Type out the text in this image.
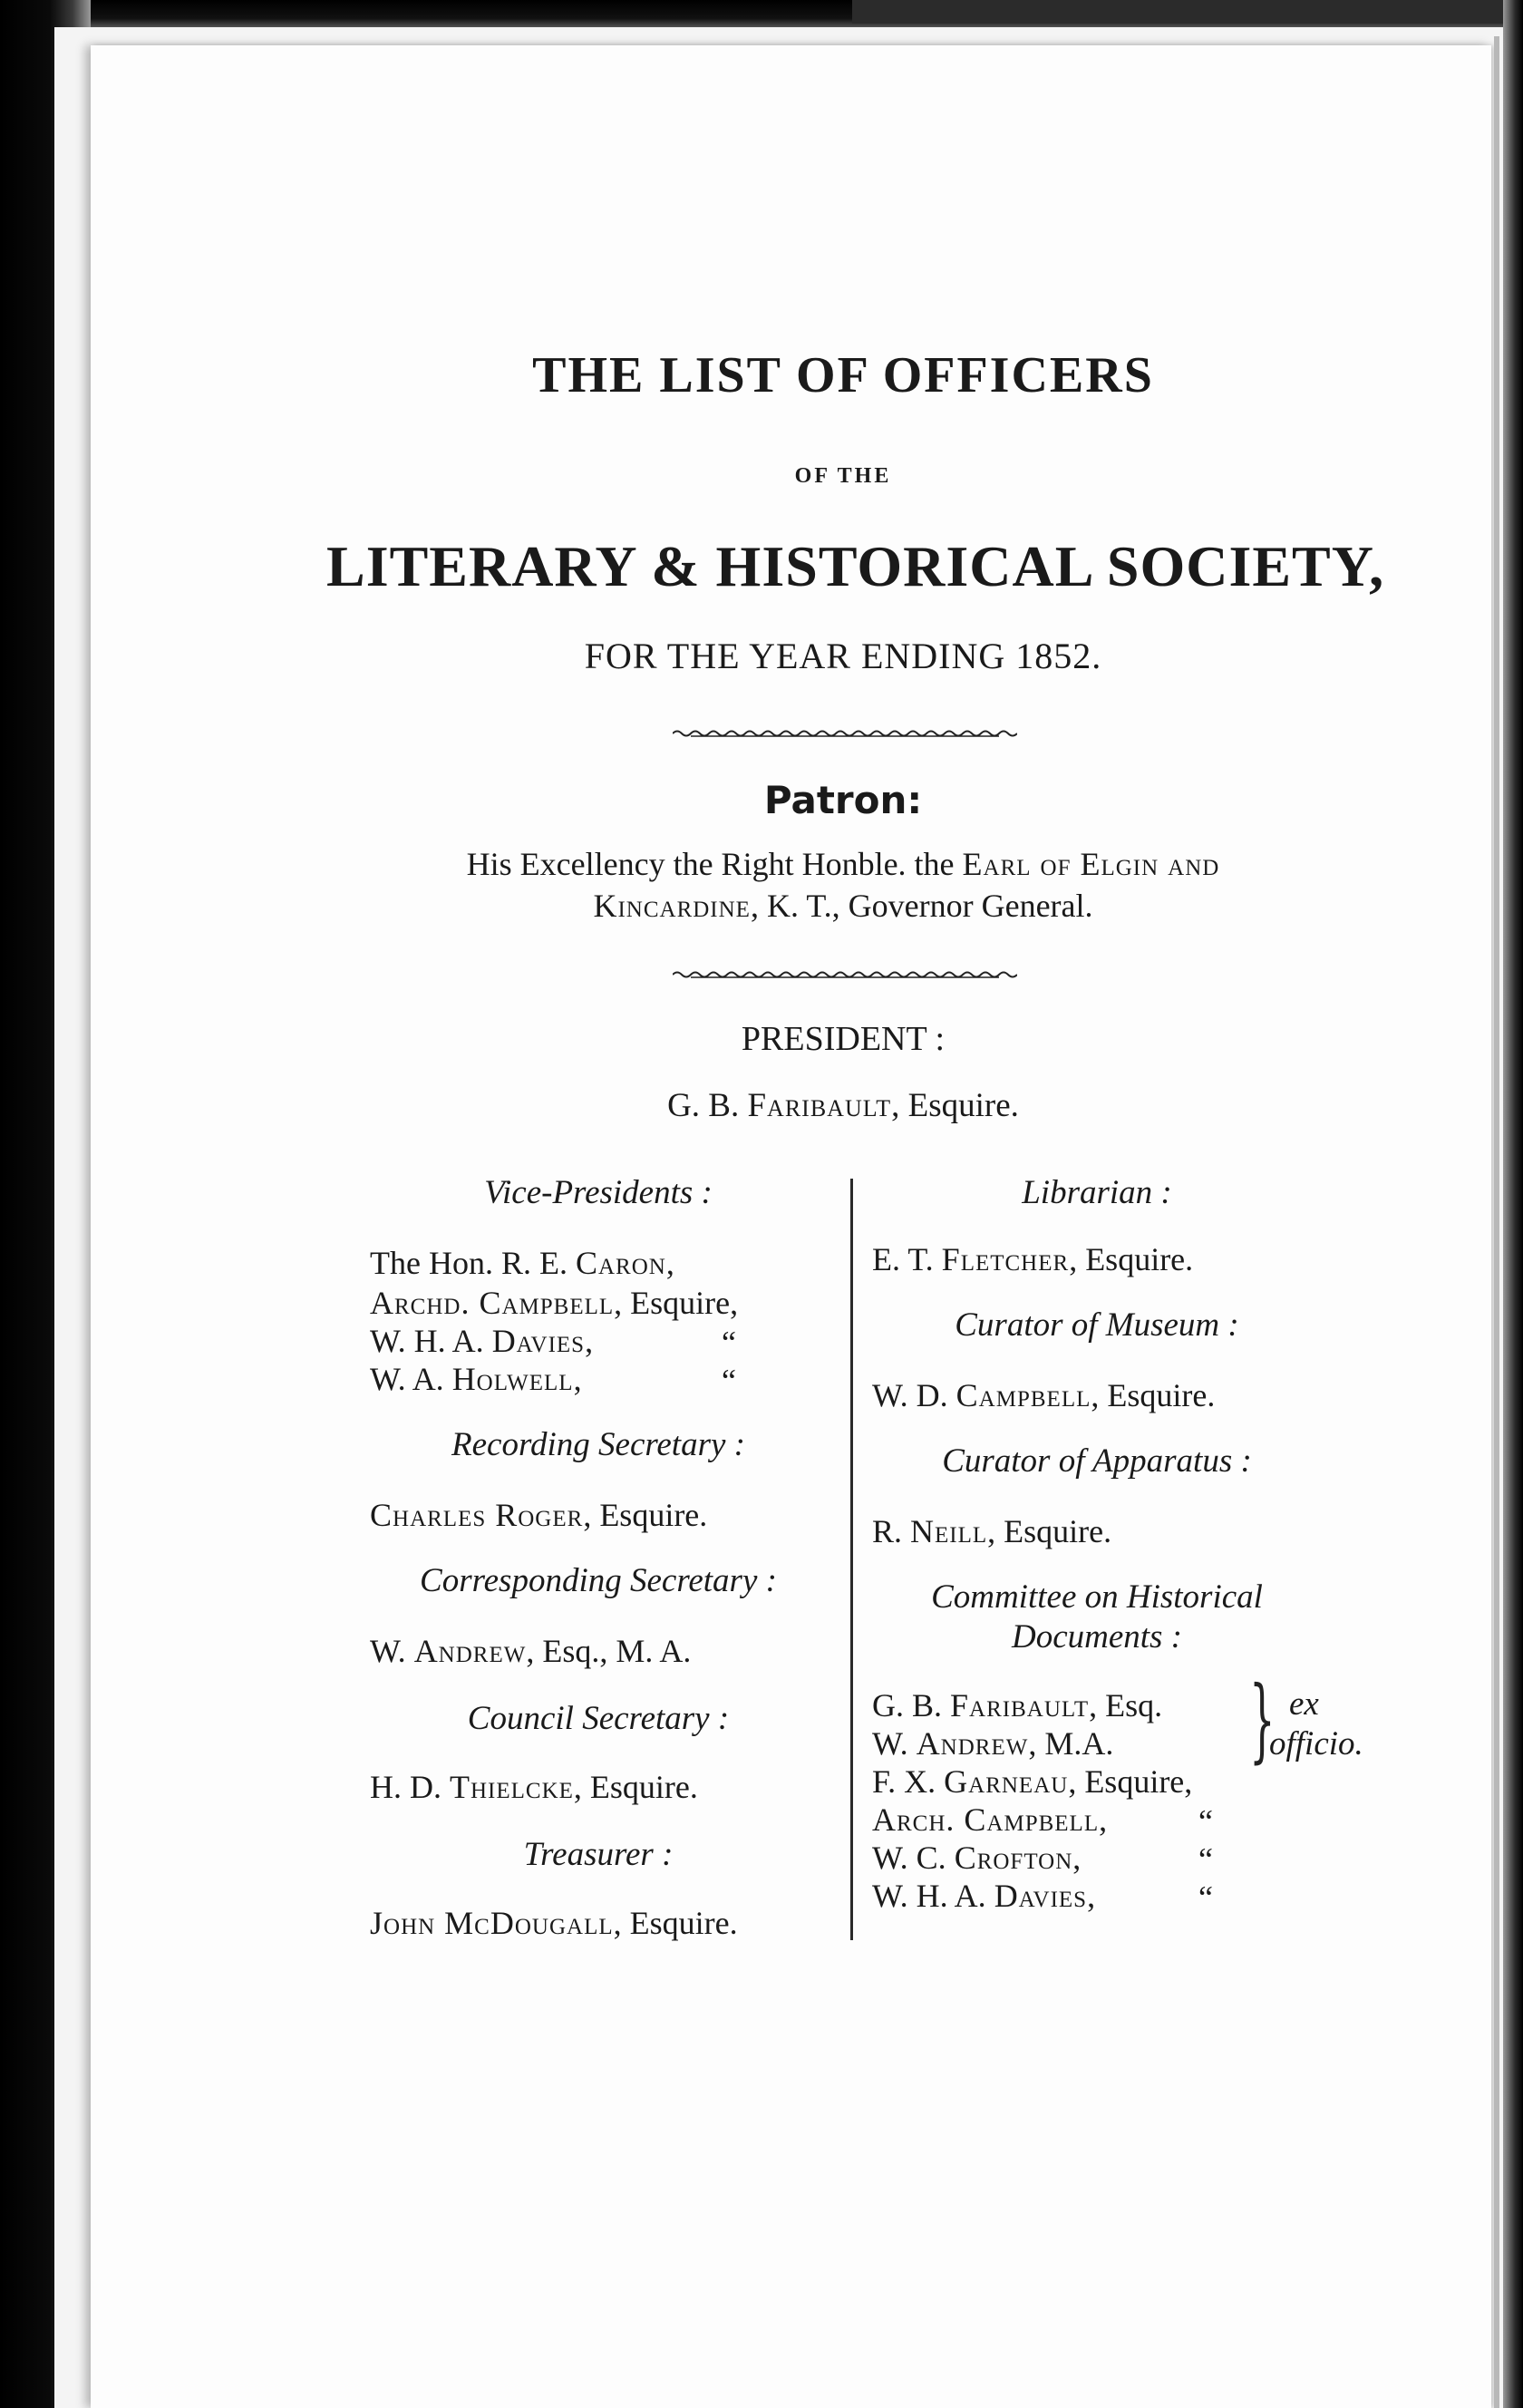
THE LIST OF OFFICERS
OF THE
LITERARY & HISTORICAL SOCIETY,
FOR THE YEAR ENDING 1852.
Patron:
His Excellency the Right Honble. the Earl of Elgin and
Kincardine, K. T., Governor General.
PRESIDENT :
G. B. Faribault, Esquire.
Vice-Presidents :
The Hon. R. E. Caron,
Archd. Campbell, Esquire,
W. H. A. Davies,	“
W. A. Holwell,	“
Recording Secretary :
Charles Roger, Esquire.
Corresponding Secretary :
W. Andrew, Esq., M. A.
Council Secretary :
H. D. Thielcke, Esquire.
Treasurer :
John McDougall, Esquire.
Librarian :
E. T. Fletcher, Esquire.
Curator of Museum :
W. D. Campbell, Esquire.
Curator of Apparatus :
R. Neill, Esquire.
Committee on Historical
Documents :
G. B. Faribault, Esq.
W. Andrew, M.A. } ex
officio.
F. X. Garneau, Esquire,
Arch. Campbell,	“
W. C. Crofton,	“
W. H. A. Davies,	“
